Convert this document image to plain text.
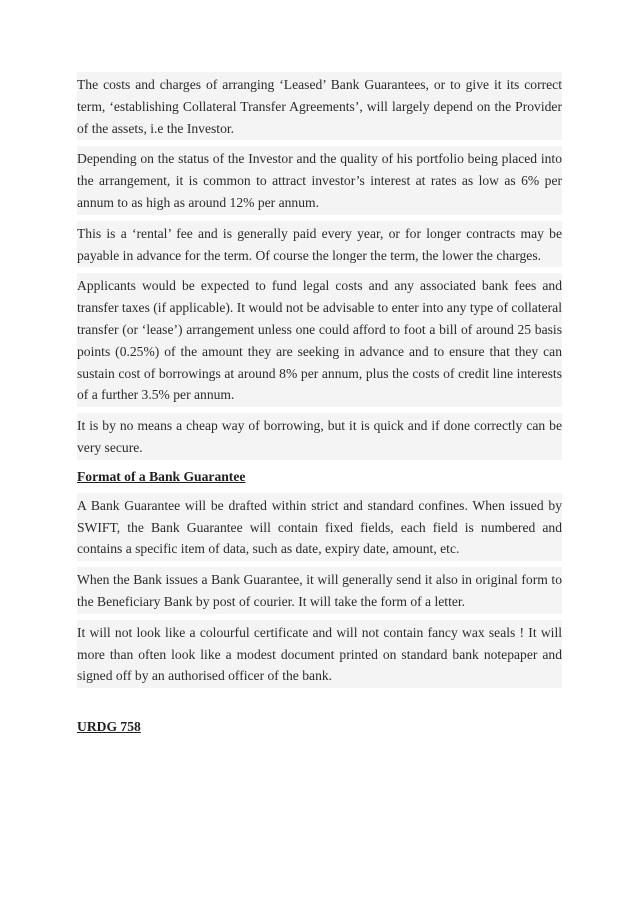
The costs and charges of arranging ‘Leased’ Bank Guarantees, or to give it its correct term, ‘establishing Collateral Transfer Agreements’, will largely depend on the Provider of the assets, i.e the Investor.

Depending on the status of the Investor and the quality of his portfolio being placed into the arrangement, it is common to attract investor’s interest at rates as low as 6% per annum to as high as around 12% per annum.

This is a ‘rental’ fee and is generally paid every year, or for longer contracts may be payable in advance for the term. Of course the longer the term, the lower the charges.

Applicants would be expected to fund legal costs and any associated bank fees and transfer taxes (if applicable). It would not be advisable to enter into any type of collateral transfer (or ‘lease’) arrangement unless one could afford to foot a bill of around 25 basis points (0.25%) of the amount they are seeking in advance and to ensure that they can sustain cost of borrowings at around 8% per annum, plus the costs of credit line interests of a further 3.5% per annum.

It is by no means a cheap way of borrowing, but it is quick and if done correctly can be very secure.

Format of a Bank Guarantee

A Bank Guarantee will be drafted within strict and standard confines. When issued by SWIFT, the Bank Guarantee will contain fixed fields, each field is numbered and contains a specific item of data, such as date, expiry date, amount, etc.

When the Bank issues a Bank Guarantee, it will generally send it also in original form to the Beneficiary Bank by post of courier. It will take the form of a letter.

It will not look like a colourful certificate and will not contain fancy wax seals ! It will more than often look like a modest document printed on standard bank notepaper and signed off by an authorised officer of the bank.

URDG 758
